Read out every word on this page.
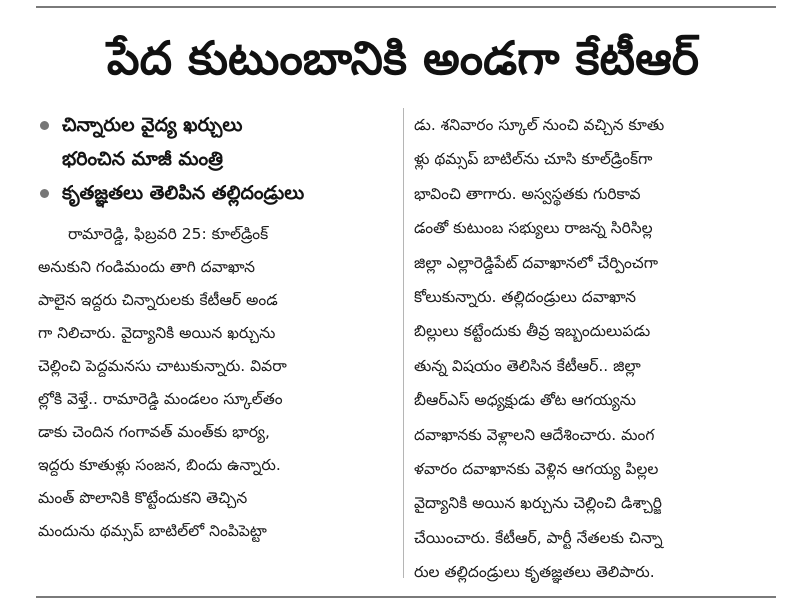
పేద కుటుంబానికి అండగా కేటీఆర్
చిన్నారుల వైద్య ఖర్చులు
భరించిన మాజీ మంత్రి
కృతజ్ఞతలు తెలిపిన తల్లిదండ్రులు
రామారెడ్డి, ఫిబ్రవరి 25: కూల్‌డ్రింక్
అనుకుని గండిమందు తాగి దవాఖాన
పాలైన ఇద్దరు చిన్నారులకు కేటీఆర్ అండ
గా నిలిచారు. వైద్యానికి అయిన ఖర్చును
చెల్లించి పెద్దమనసు చాటుకున్నారు. వివరా
ల్లోకి వెళ్తే.. రామారెడ్డి మండలం స్కూల్‌తం
డాకు చెందిన గంగావత్ మంత్‌కు భార్య,
ఇద్దరు కూతుళ్లు సంజన, బిందు ఉన్నారు.
మంత్ పొలానికి కొట్టేందుకని తెచ్చిన
మందును థమ్సప్ బాటిల్‌లో నింపిపెట్టా
డు. శనివారం స్కూల్ నుంచి వచ్చిన కూతు
ళ్లు థమ్సప్ బాటిల్‌ను చూసి కూల్‌డ్రింక్‌గా
భావించి తాగారు. అస్వస్థతకు గురికావ
డంతో కుటుంబ సభ్యులు రాజన్న సిరిసిల్ల
జిల్లా ఎల్లారెడ్డిపేట్ దవాఖానలో చేర్పించగా
కోలుకున్నారు. తల్లిదండ్రులు దవాఖాన
బిల్లులు కట్టేందుకు తీవ్ర ఇబ్బందులుపడు
తున్న విషయం తెలిసిన కేటీఆర్.. జిల్లా
బీఆర్ఎస్ అధ్యక్షుడు తోట ఆగయ్యను
దవాఖానకు వెళ్లాలని ఆదేశించారు. మంగ
ళవారం దవాఖానకు వెళ్లిన ఆగయ్య పిల్లల
వైద్యానికి అయిన ఖర్చును చెల్లించి డిశ్చార్జి
చేయించారు. కేటీఆర్, పార్టీ నేతలకు చిన్నా
రుల తల్లిదండ్రులు కృతజ్ఞతలు తెలిపారు.
